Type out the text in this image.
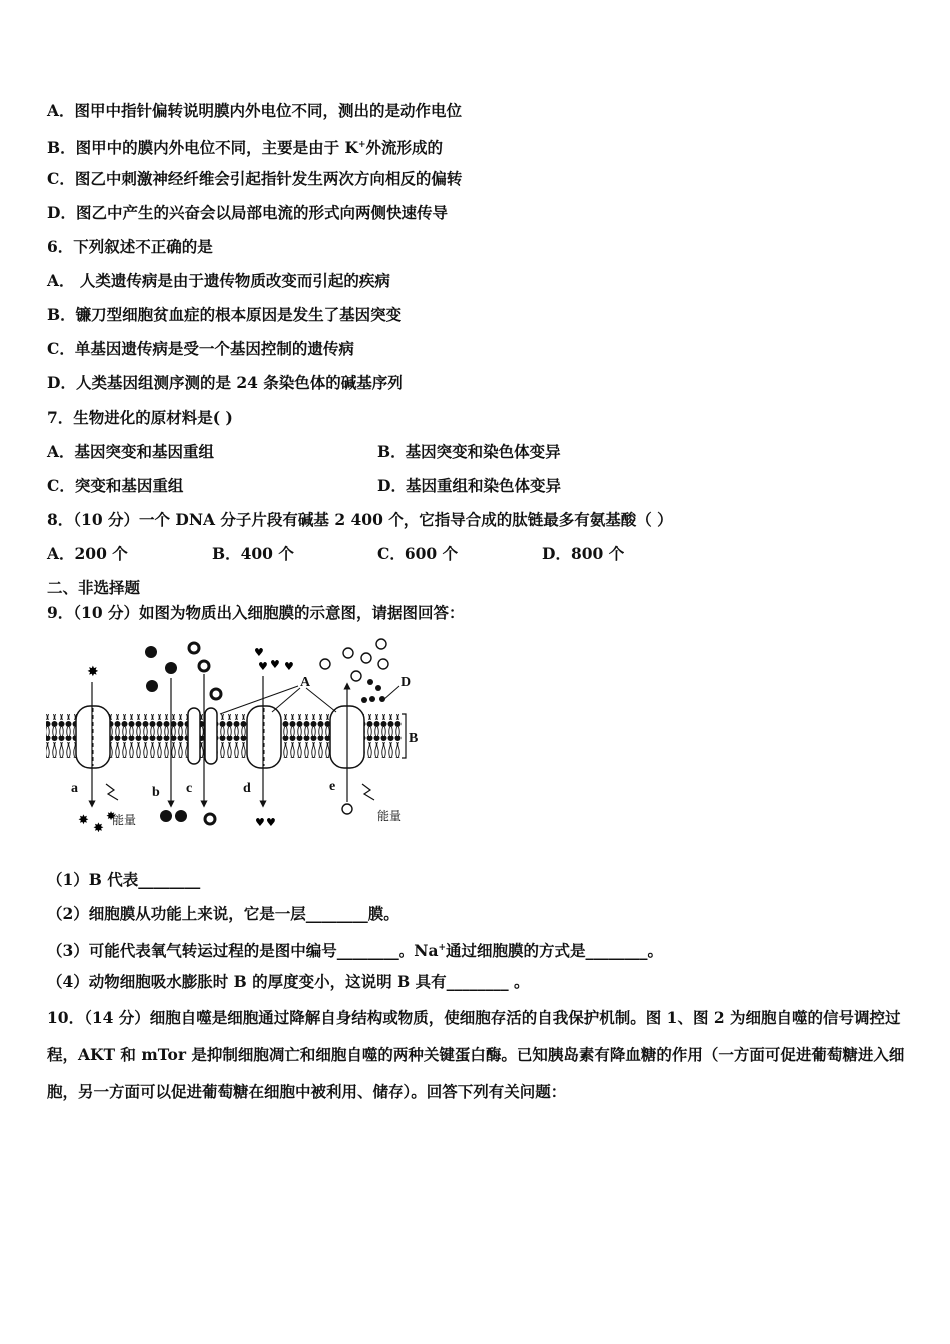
A．图甲中指针偏转说明膜内外电位不同，测出的是动作电位
B．图甲中的膜内外电位不同，主要是由于 K+外流形成的
C．图乙中刺激神经纤维会引起指针发生两次方向相反的偏转
D．图乙中产生的兴奋会以局部电流的形式向两侧快速传导
6．下列叙述不正确的是
A． 人类遗传病是由于遗传物质改变而引起的疾病
B．镰刀型细胞贫血症的根本原因是发生了基因突变
C．单基因遗传病是受一个基因控制的遗传病
D．人类基因组测序测的是 24 条染色体的碱基序列
7．生物进化的原材料是( )
A．基因突变和基因重组	B．基因突变和染色体变异
C．突变和基因重组	D．基因重组和染色体变异
8．（10 分）一个 DNA 分子片段有碱基 2 400 个，它指导合成的肽链最多有氨基酸（ ）
A．200 个	B．400 个	C．600 个	D．800 个
二、非选择题
9．（10 分）如图为物质出入细胞膜的示意图，请据图回答：
✸
♥
♥ ♥ ♥
✸
✸
✸	♥ ♥
A
B
D
a	b c	d	e
能量	能量
（1）B 代表________
（2）细胞膜从功能上来说，它是一层________膜。
（3）可能代表氧气转运过程的是图中编号________。Na+通过细胞膜的方式是________。
（4）动物细胞吸水膨胀时 B 的厚度变小，这说明 B 具有________ 。
10．（14 分）细胞自噬是细胞通过降解自身结构或物质，使细胞存活的自我保护机制。图 1、图 2 为细胞自噬的信号调控过程，AKT 和 mTor 是抑制细胞凋亡和细胞自噬的两种关键蛋白酶。已知胰岛素有降血糖的作用（一方面可促进葡萄糖进入细胞，另一方面可以促进葡萄糖在细胞中被利用、储存）。回答下列有关问题：
